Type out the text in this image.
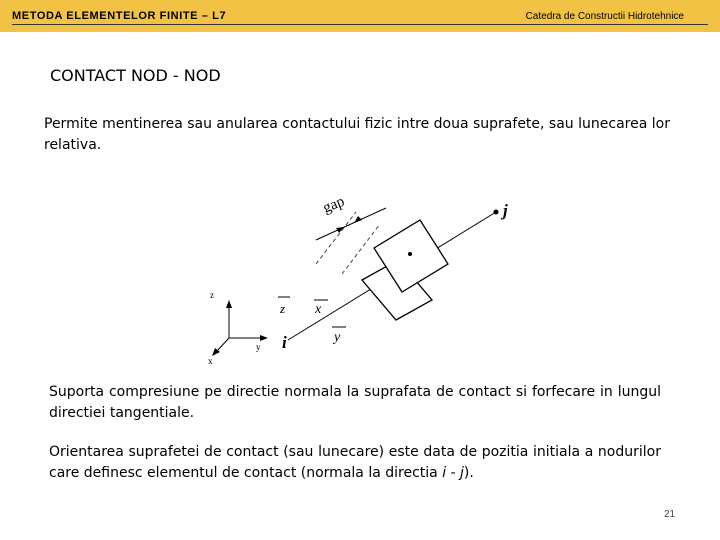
METODA ELEMENTELOR FINITE – L7	Catedra de Constructii Hidrotehnice
CONTACT NOD - NOD
Permite mentinerea sau anularea contactului fizic intre doua suprafete, sau lunecarea lor relativa.
gap	j
z x
y
i
z
y
x
Suporta compresiune pe directie normala la suprafata de contact si forfecare in lungul directiei tangentiale.
Orientarea suprafetei de contact (sau lunecare) este data de pozitia initiala a nodurilor care definesc elementul de contact (normala la directia i - j).
21
